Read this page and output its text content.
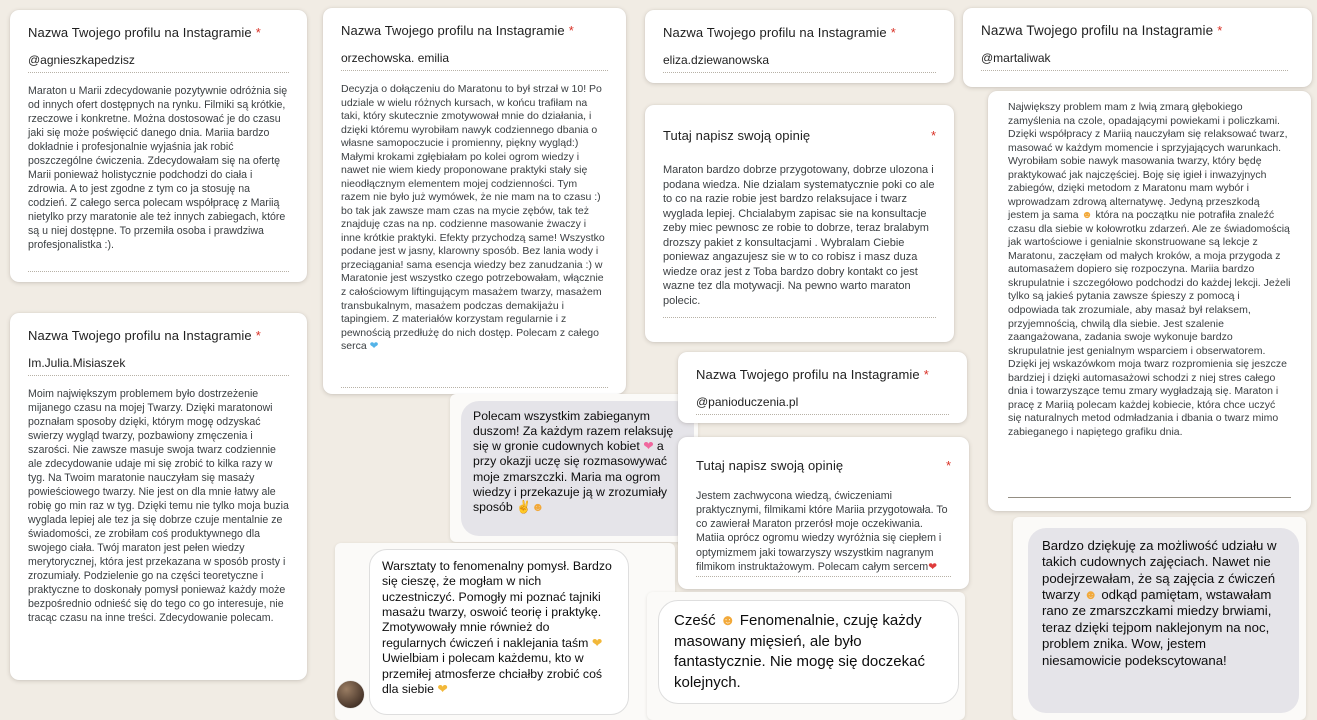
Nazwa Twojego profilu na Instagramie *
@agnieszkapedzisz
Maraton u Marii zdecydowanie pozytywnie odróżnia się od innych ofert dostępnych na rynku. Filmiki są krótkie, rzeczowe i konkretne. Można dostosować je do czasu jaki się może poświęcić danego dnia. Mariia bardzo dokładnie i profesjonalnie wyjaśnia jak robić poszczególne ćwiczenia. Zdecydowałam się na ofertę Marii ponieważ holistycznie podchodzi do ciała i zdrowia. A to jest zgodne z tym co ja stosuję na codzień. Z całego serca polecam współpracę z Mariią nietylko przy maratonie ale też innych zabiegach, które są u niej dostępne. To przemiła osoba i prawdziwa profesjonalistka :).
Nazwa Twojego profilu na Instagramie *
Im.Julia.Misiaszek
Moim największym problemem było dostrzeżenie mijanego czasu na mojej Twarzy. Dzięki maratonowi poznałam sposoby dzięki, którym mogę odzyskać swierzy wygląd twarzy, pozbawiony zmęczenia i szarości. Nie zawsze masuje swoja twarz codziennie ale zdecydowanie udaje mi się zrobić to kilka razy w tyg. Na Twoim maratonie nauczyłam się masaży powieściowego twarzy. Nie jest on dla mnie łatwy ale robię go min raz w tyg. Dzięki temu nie tylko moja buzia wyglada lepiej ale tez ja się dobrze czuje mentalnie ze świadomości, ze zrobiłam coś produktywnego dla swojego ciała. Twój maraton jest pełen wiedzy merytorycznej, która jest przekazana w sposób prosty i zrozumiały. Podzielenie go na części teoretyczne i praktyczne to doskonały pomysł ponieważ każdy może bezpośrednio odnieść się do tego co go interesuje, nie tracąc czasu na inne treści. Zdecydowanie polecam.
Nazwa Twojego profilu na Instagramie *
orzechowska. emilia
Decyzja o dołączeniu do Maratonu to był strzał w 10! Po udziale w wielu różnych kursach, w końcu trafiłam na taki, który skutecznie zmotywował mnie do działania, i dzięki któremu wyrobiłam nawyk codziennego dbania o własne samopoczucie i promienny, piękny wygląd:) Małymi krokami zgłębiałam po kolei ogrom wiedzy i nawet nie wiem kiedy proponowane praktyki stały się nieodłącznym elementem mojej codzienności. Tym razem nie było już wymówek, że nie mam na to czasu :) bo tak jak zawsze mam czas na mycie zębów, tak też znajduję czas na np. codzienne masowanie żwaczy i inne krótkie praktyki. Efekty przychodzą same! Wszystko podane jest w jasny, klarowny sposób. Bez lania wody i przeciągania! sama esencja wiedzy bez zanudzania :) w Maratonie jest wszystko czego potrzebowałam, włącznie z całościowym liftingującym masażem twarzy, masażem transbukalnym, masażem podczas demakijażu i tapingiem. Z materiałów korzystam regularnie i z pewnością przedłużę do nich dostęp. Polecam z całego serca ❤
Polecam wszystkim zabieganym duszom! Za każdym razem relaksuję się w gronie cudownych kobiet ❤ a przy okazji uczę się rozmasowywać moje zmarszczki. Maria ma ogrom wiedzy i przekazuje ją w zrozumiały sposób ✌☻
Warsztaty to fenomenalny pomysł. Bardzo się cieszę, że mogłam w nich uczestniczyć. Pomogły mi poznać tajniki masażu twarzy, oswoić teorię i praktykę. Zmotywowały mnie również do regularnych ćwiczeń i naklejania taśm ❤ Uwielbiam i polecam każdemu, kto w przemiłej atmosferze chciałby zrobić coś dla siebie ❤
Nazwa Twojego profilu na Instagramie *
eliza.dziewanowska
Tutaj napisz swoją opinię	*
Maraton bardzo dobrze przygotowany, dobrze ulozona i podana wiedza. Nie dzialam systematycznie poki co ale to co na razie robie jest bardzo relaksujace i twarz wyglada lepiej. Chcialabym zapisac sie na konsultacje zeby miec pewnosc ze robie to dobrze, teraz bralabym drozszy pakiet z konsultacjami . Wybralam Ciebie poniewaz angazujesz sie w to co robisz i masz duza wiedze oraz jest z Toba bardzo dobry kontakt co jest wazne tez dla motywacji. Na pewno warto maraton polecic.
Nazwa Twojego profilu na Instagramie *
@panioduczenia.pl
Tutaj napisz swoją opinię	*
Jestem zachwycona wiedzą, ćwiczeniami praktycznymi, filmikami które Mariia przygotowała. To co zawierał Maraton przerósł moje oczekiwania. Matiia oprócz ogromu wiedzy wyróżnia się ciepłem i optymizmem jaki towarzyszy wszystkim nagranym filmikom instruktażowym. Polecam całym sercem❤
Cześć ☻ Fenomenalnie, czuję każdy masowany mięsień, ale było fantastycznie. Nie mogę się doczekać kolejnych.
Nazwa Twojego profilu na Instagramie *
@martaliwak
Największy problem mam z lwią zmarą głębokiego zamyślenia na czole, opadającymi powiekami i policzkami. Dzięki współpracy z Mariią nauczyłam się relaksować twarz, masować w każdym momencie i sprzyjających warunkach. Wyrobiłam sobie nawyk masowania twarzy, który będę praktykować jak najczęściej. Boję się igieł i inwazyjnych zabiegów, dzięki metodom z Maratonu mam wybór i wprowadzam zdrową alternatywę. Jedyną przeszkodą jestem ja sama ☻ która na początku nie potrafiła znaleźć czasu dla siebie w kołowrotku zdarzeń. Ale ze świadomością jak wartościowe i genialnie skonstruowane są lekcje z Maratonu, zaczęłam od małych kroków, a moja przygoda z automasażem dopiero się rozpoczyna. Mariia bardzo skrupulatnie i szczegółowo podchodzi do każdej lekcji. Jeżeli tylko są jakieś pytania zawsze śpieszy z pomocą i odpowiada tak zrozumiale, aby masaż był relaksem, przyjemnością, chwilą dla siebie. Jest szalenie zaangażowana, zadania swoje wykonuje bardzo skrupulatnie jest genialnym wsparciem i obserwatorem. Dzięki jej wskazówkom moja twarz rozpromienia się jeszcze bardziej i dzięki automasażowi schodzi z niej stres całego dnia i towarzyszące temu zmary wygładzają się. Maraton i pracę z Mariią polecam każdej kobiecie, która chce uczyć się naturalnych metod odmładzania i dbania o twarz mimo zabieganego i napiętego grafiku dnia.
Bardzo dziękuję za możliwość udziału w takich cudownych zajęciach. Nawet nie podejrzewałam, że są zajęcia z ćwiczeń twarzy ☻ odkąd pamiętam, wstawałam rano ze zmarszczkami miedzy brwiami, teraz dzięki tejpom naklejonym na noc, problem znika. Wow, jestem niesamowicie podekscytowana!
